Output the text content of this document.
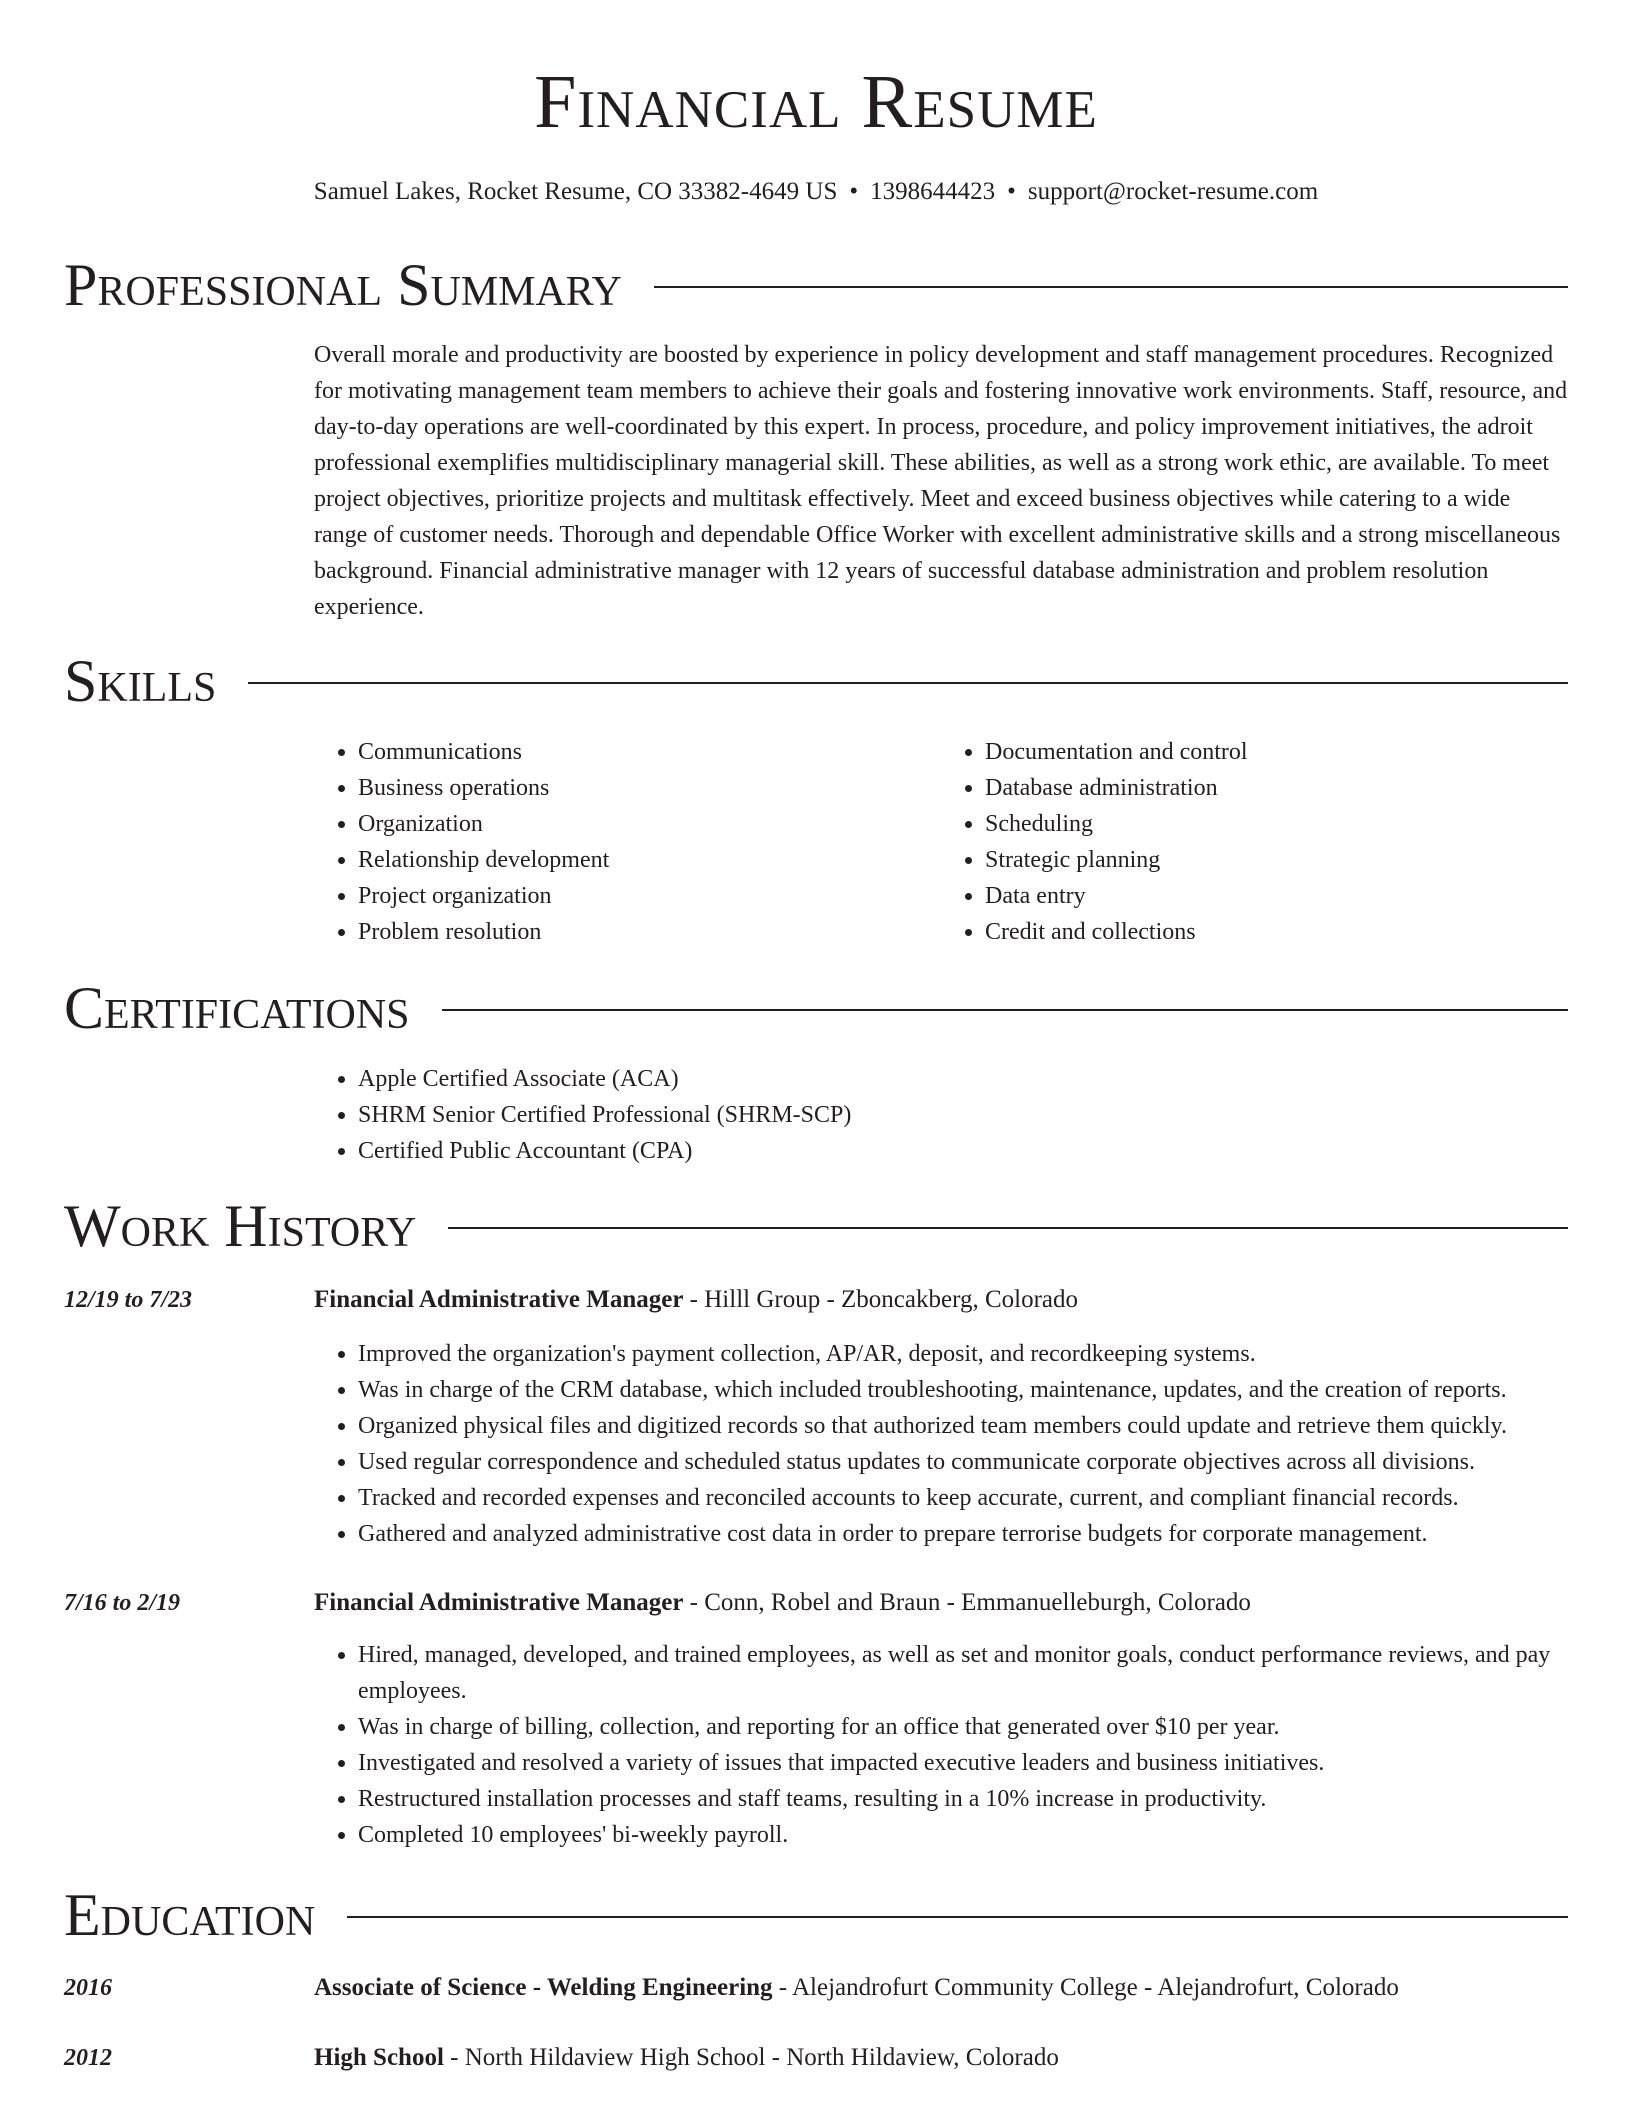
Financial Resume
Samuel Lakes, Rocket Resume, CO 33382-4649 US • 1398644423 • support@rocket-resume.com
Professional Summary

Overall morale and productivity are boosted by experience in policy development and staff management procedures. Recognized for motivating management team members to achieve their goals and fostering innovative work environments. Staff, resource, and day-to-day operations are well-coordinated by this expert. In process, procedure, and policy improvement initiatives, the adroit professional exemplifies multidisciplinary managerial skill. These abilities, as well as a strong work ethic, are available. To meet project objectives, prioritize projects and multitask effectively. Meet and exceed business objectives while catering to a wide range of customer needs. Thorough and dependable Office Worker with excellent administrative skills and a strong miscellaneous background. Financial administrative manager with 12 years of successful database administration and problem resolution experience.

Skills
• Communications
• Business operations
• Organization
• Relationship development
• Project organization
• Problem resolution
• Documentation and control
• Database administration
• Scheduling
• Strategic planning
• Data entry
• Credit and collections
Certifications
• Apple Certified Associate (ACA)
• SHRM Senior Certified Professional (SHRM-SCP)
• Certified Public Accountant (CPA)
Work History
12/19 to 7/23	Financial Administrative Manager - Hilll Group - Zboncakberg, Colorado
• Improved the organization's payment collection, AP/AR, deposit, and recordkeeping systems.
• Was in charge of the CRM database, which included troubleshooting, maintenance, updates, and the creation of reports.
• Organized physical files and digitized records so that authorized team members could update and retrieve them quickly.
• Used regular correspondence and scheduled status updates to communicate corporate objectives across all divisions.
• Tracked and recorded expenses and reconciled accounts to keep accurate, current, and compliant financial records.
• Gathered and analyzed administrative cost data in order to prepare terrorise budgets for corporate management.
7/16 to 2/19	Financial Administrative Manager - Conn, Robel and Braun - Emmanuelleburgh, Colorado
• Hired, managed, developed, and trained employees, as well as set and monitor goals, conduct performance reviews, and pay employees.
• Was in charge of billing, collection, and reporting for an office that generated over $10 per year.
• Investigated and resolved a variety of issues that impacted executive leaders and business initiatives.
• Restructured installation processes and staff teams, resulting in a 10% increase in productivity.
• Completed 10 employees' bi-weekly payroll.
Education
2016	Associate of Science - Welding Engineering - Alejandrofurt Community College - Alejandrofurt, Colorado
2012	High School - North Hildaview High School - North Hildaview, Colorado
